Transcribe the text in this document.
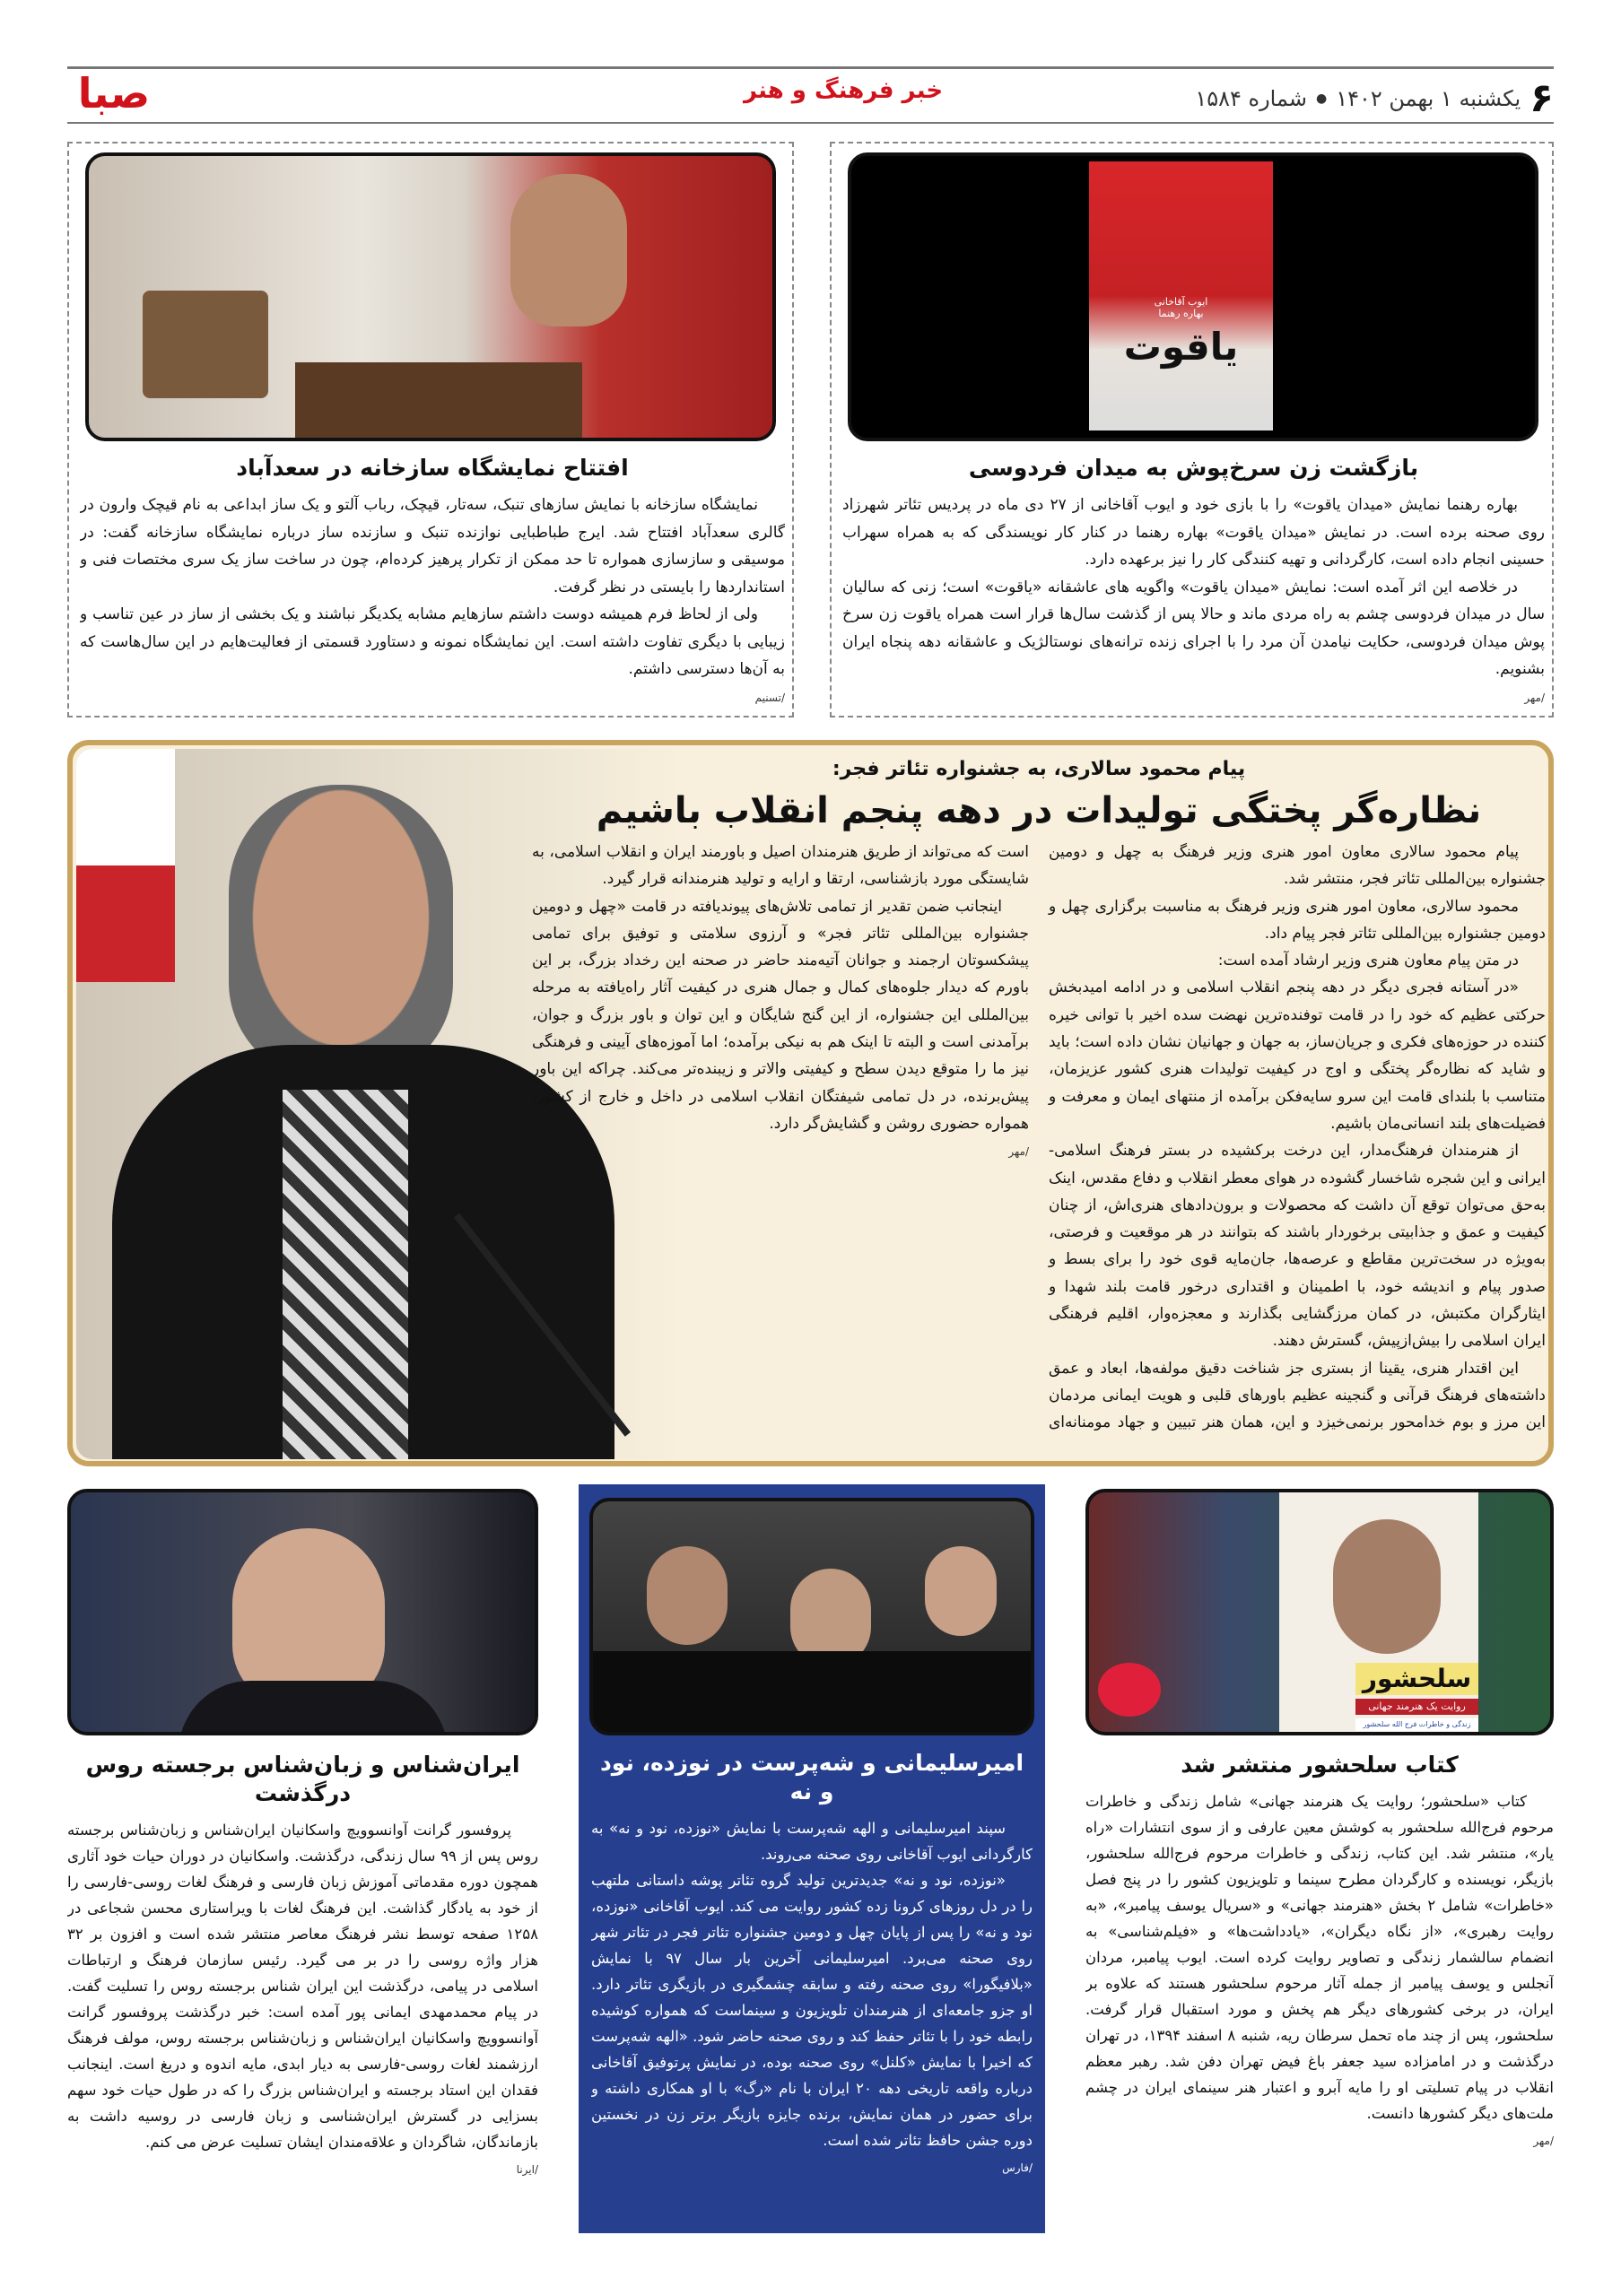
۶
یکشنبه ۱ بهمن ۱۴۰۲
●
شماره ۱۵۸۴
خبر فرهنگ و هنر
صبا
افتتاح نمایشگاه سازخانه در سعدآباد

نمایشگاه سازخانه با نمایش سازهای تنبک، سه‌تار، قیچک، رباب آلتو و یک ساز ابداعی به نام قیچک وارون در گالری سعدآباد افتتاح شد. ایرج طباطبایی نوازنده تنبک و سازنده ساز درباره نمایشگاه سازخانه گفت: در موسیقی و سازسازی همواره تا حد ممکن از تکرار پرهیز کرده‌ام، چون در ساخت ساز یک سری مختصات فنی و استانداردها را بایستی در نظر گرفت.

ولی از لحاظ فرم همیشه دوست داشتم سازهایم مشابه یکدیگر نباشند و یک بخشی از ساز در عین تناسب و زیبایی با دیگری تفاوت داشته است. این نمایشگاه نمونه و دستاورد قسمتی از فعالیت‌هایم در این سال‌هاست که به آن‌ها دسترسی داشتم.

/تسنیم
ایوب آقاخانی
بهاره رهنما
یاقوت
بازگشت زن سرخ‌پوش به میدان فردوسی

بهاره رهنما نمایش «میدان یاقوت» را با بازی خود و ایوب آقاخانی از ۲۷ دی ماه در پردیس تئاتر شهرزاد روی صحنه برده است. در نمایش «میدان یاقوت» بهاره رهنما در کنار کار نویسندگی که به همراه سهراب حسینی انجام داده است، کارگردانی و تهیه کنندگی کار را نیز برعهده دارد.

در خلاصه این اثر آمده است: نمایش «میدان یاقوت» واگویه های عاشقانه «یاقوت» است؛ زنی که سالیان سال در میدان فردوسی چشم به راه مردی ماند و حالا پس از گذشت سال‌ها قرار است همراه یاقوت زن سرخ پوش میدان فردوسی، حکایت نیامدن آن مرد را با اجرای زنده ترانه‌های نوستالژیک و عاشقانه دهه پنجاه ایران بشنویم.

/مهر
پیام محمود سالاری، به جشنواره تئاتر فجر:
نظاره‌گر پختگی تولیدات در دهه پنجم انقلاب باشیم

پیام محمود سالاری معاون امور هنری وزیر فرهنگ به چهل و دومین جشنواره بین‌المللی تئاتر فجر، منتشر شد.

محمود سالاری، معاون امور هنری وزیر فرهنگ به مناسبت برگزاری چهل و دومین جشنواره بین‌المللی تئاتر فجر پیام داد.

در متن پیام معاون هنری وزیر ارشاد آمده است:

«در آستانه فجری دیگر در دهه پنجم انقلاب اسلامی و در ادامه امیدبخش حرکتی عظیم که خود را در قامت توفنده‌ترین نهضت سده اخیر با توانی خیره کننده در حوزه‌های فکری و جریان‌ساز، به جهان و جهانیان نشان داده است؛ باید و شاید که نظاره‌گر پختگی و اوج در کیفیت تولیدات هنری کشور عزیزمان، متناسب با بلندای قامت این سرو سایه‌فکن برآمده از منتهای ایمان و معرفت و فضیلت‌های بلند انسانی‌مان باشیم.

از هنرمندان فرهنگ‌مدار، این درخت برکشیده در بستر فرهنگ اسلامی-ایرانی و این شجره شاخسار گشوده در هوای معطر انقلاب و دفاع مقدس، اینک به‌حق می‌توان توقع آن داشت که محصولات و برون‌دادهای هنری‌اش، از چنان کیفیت و عمق و جذابیتی برخوردار باشند که بتوانند در هر موقعیت و فرصتی، به‌ویژه در سخت‌ترین مقاطع و عرصه‌ها، جان‌مایه قوی خود را برای بسط و صدور پیام و اندیشه خود، با اطمینان و اقتداری درخور قامت بلند شهدا و ایثارگران مکتبش، در کمان مرزگشایی بگذارند و معجزه‌وار، اقلیم فرهنگی ایران اسلامی را بیش‌از‌پیش، گسترش دهند.

این اقتدار هنری، یقینا از بستری جز شناخت دقیق مولفه‌ها، ابعاد و عمق داشته‌های فرهنگ قرآنی و گنجینه عظیم باورهای قلبی و هویت ایمانی مردمان این مرز و بوم خدامحور برنمی‌خیزد و این، همان هنر تبیین و جهاد مومنانه‌ای است که می‌تواند از طریق هنرمندان اصیل و باورمند ایران و انقلاب اسلامی، به شایستگی مورد بازشناسی، ارتقا و ارایه و تولید هنرمندانه قرار گیرد.

اینجانب ضمن تقدیر از تمامی تلاش‌های پیوندیافته در قامت «چهل و دومین جشنواره بین‌المللی تئاتر فجر» و آرزوی سلامتی و توفیق برای تمامی پیشکسوتان ارجمند و جوانان آتیه‌مند حاضر در صحنه این رخداد بزرگ، بر این باورم که دیدار جلوه‌های کمال و جمال هنری در کیفیت آثار راه‌یافته به مرحله بین‌المللی این جشنواره، از این گنج شایگان و این توان و باور بزرگ و جوان، برآمدنی است و البته تا اینک هم به نیکی برآمده؛ اما آموزه‌های آیینی و فرهنگی نیز ما را متوقع دیدن سطح و کیفیتی والاتر و زیبنده‌تر می‌کند. چراکه این باور پیش‌برنده، در دل تمامی شیفتگان انقلاب اسلامی در داخل و خارج از کشور، همواره حضوری روشن و گشایش‌گر دارد.

/مهر
سلحشور
روایت یک هنرمند جهانی
زندگی و خاطرات فرج الله سلحشور
کتاب سلحشور منتشر شد

کتاب «سلحشور؛ روایت یک هنرمند جهانی» شامل زندگی و خاطرات مرحوم فرج‌الله سلحشور به کوشش معین عارفی و از سوی انتشارات «راه یار»، منتشر شد. این کتاب، زندگی و خاطرات مرحوم فرج‌الله سلحشور، بازیگر، نویسنده و کارگردان مطرح سینما و تلویزیون کشور را در پنج فصل «خاطرات» شامل ۲ بخش «هنرمند جهانی» و «سریال یوسف پیامبر»، «به روایت رهبری»، «از نگاه دیگران»، «یادداشت‌ها» و «فیلم‌شناسی» به انضمام سالشمار زندگی و تصاویر روایت کرده است. ایوب پیامبر، مردان آنجلس و یوسف پیامبر از جمله آثار مرحوم سلحشور هستند که علاوه بر ایران، در برخی کشورهای دیگر هم پخش و مورد استقبال قرار گرفت. سلحشور، پس از چند ماه تحمل سرطان ریه، شنبه ۸ اسفند ۱۳۹۴، در تهران درگذشت و در امامزاده سید جعفر باغ فیض تهران دفن شد. رهبر معظم انقلاب در پیام تسلیتی او را مایه آبرو و اعتبار هنر سینمای ایران در چشم ملت‌های دیگر کشورها دانست.

/مهر
امیرسلیمانی و شه‌پرست در نوزده، نود و نه

سپند امیرسلیمانی و الهه شه‌پرست با نمایش «نوزده، نود و نه» به کارگردانی ایوب آقاخانی روی صحنه می‌روند.

«نوزده، نود و نه» جدیدترین تولید گروه تئاتر پوشه داستانی ملتهب را در دل روزهای کرونا زده کشور روایت می کند. ایوب آقاخانی «نوزده، نود و نه» را پس از پایان چهل و دومین جشنواره تئاتر فجر در تئاتر شهر روی صحنه می‌برد. امیرسلیمانی آخرین بار سال ۹۷ با نمایش «بلافیگورا» روی صحنه رفته و سابقه چشمگیری در بازیگری تئاتر دارد. او جزو جامعه‌ای از هنرمندان تلویزیون و سینماست که همواره کوشیده رابطه خود را با تئاتر حفظ کند و روی صحنه حاضر شود. «الهه شه‌پرست که اخیرا با نمایش «کلنل» روی صحنه بوده، در نمایش پرتوفیق آقاخانی درباره واقعه تاریخی دهه ۲۰ ایران با نام «رگ» با او همکاری داشته و برای حضور در همان نمایش، برنده جایزه بازیگر برتر زن در نخستین دوره جشن حافظ تئاتر شده است.

/فارس
ایران‌شناس و زبان‌شناس برجسته روس درگذشت

پروفسور گرانت آوانسوویچ واسکانیان ایران‌شناس و زبان‌شناس برجسته روس پس از ۹۹ سال زندگی، درگذشت. واسکانیان در دوران حیات خود آثاری همچون دوره مقدماتی آموزش زبان فارسی و فرهنگ لغات روسی-فارسی را از خود به یادگار گذاشت. این فرهنگ لغات با ویراستاری محسن شجاعی در ۱۲۵۸ صفحه توسط نشر فرهنگ معاصر منتشر شده است و افزون بر ۳۲ هزار واژه روسی را در بر می گیرد. رئیس سازمان فرهنگ و ارتباطات اسلامی در پیامی، درگذشت این ایران شناس برجسته روس را تسلیت گفت. در پیام محمدمهدی ایمانی پور آمده است: خبر درگذشت پروفسور گرانت آوانسوویچ واسکانیان ایران‌شناس و زبان‌شناس برجسته روس، مولف فرهنگ ارزشمند لغات روسی-فارسی به دیار ابدی، مایه اندوه و دریغ است. اینجانب فقدان این استاد برجسته و ایران‌شناس بزرگ را که در طول حیات خود سهم بسزایی در گسترش ایران‌شناسی و زبان فارسی در روسیه داشت به بازماندگان، شاگردان و علاقه‌مندان ایشان تسلیت عرض می کنم.

/ایرنا
